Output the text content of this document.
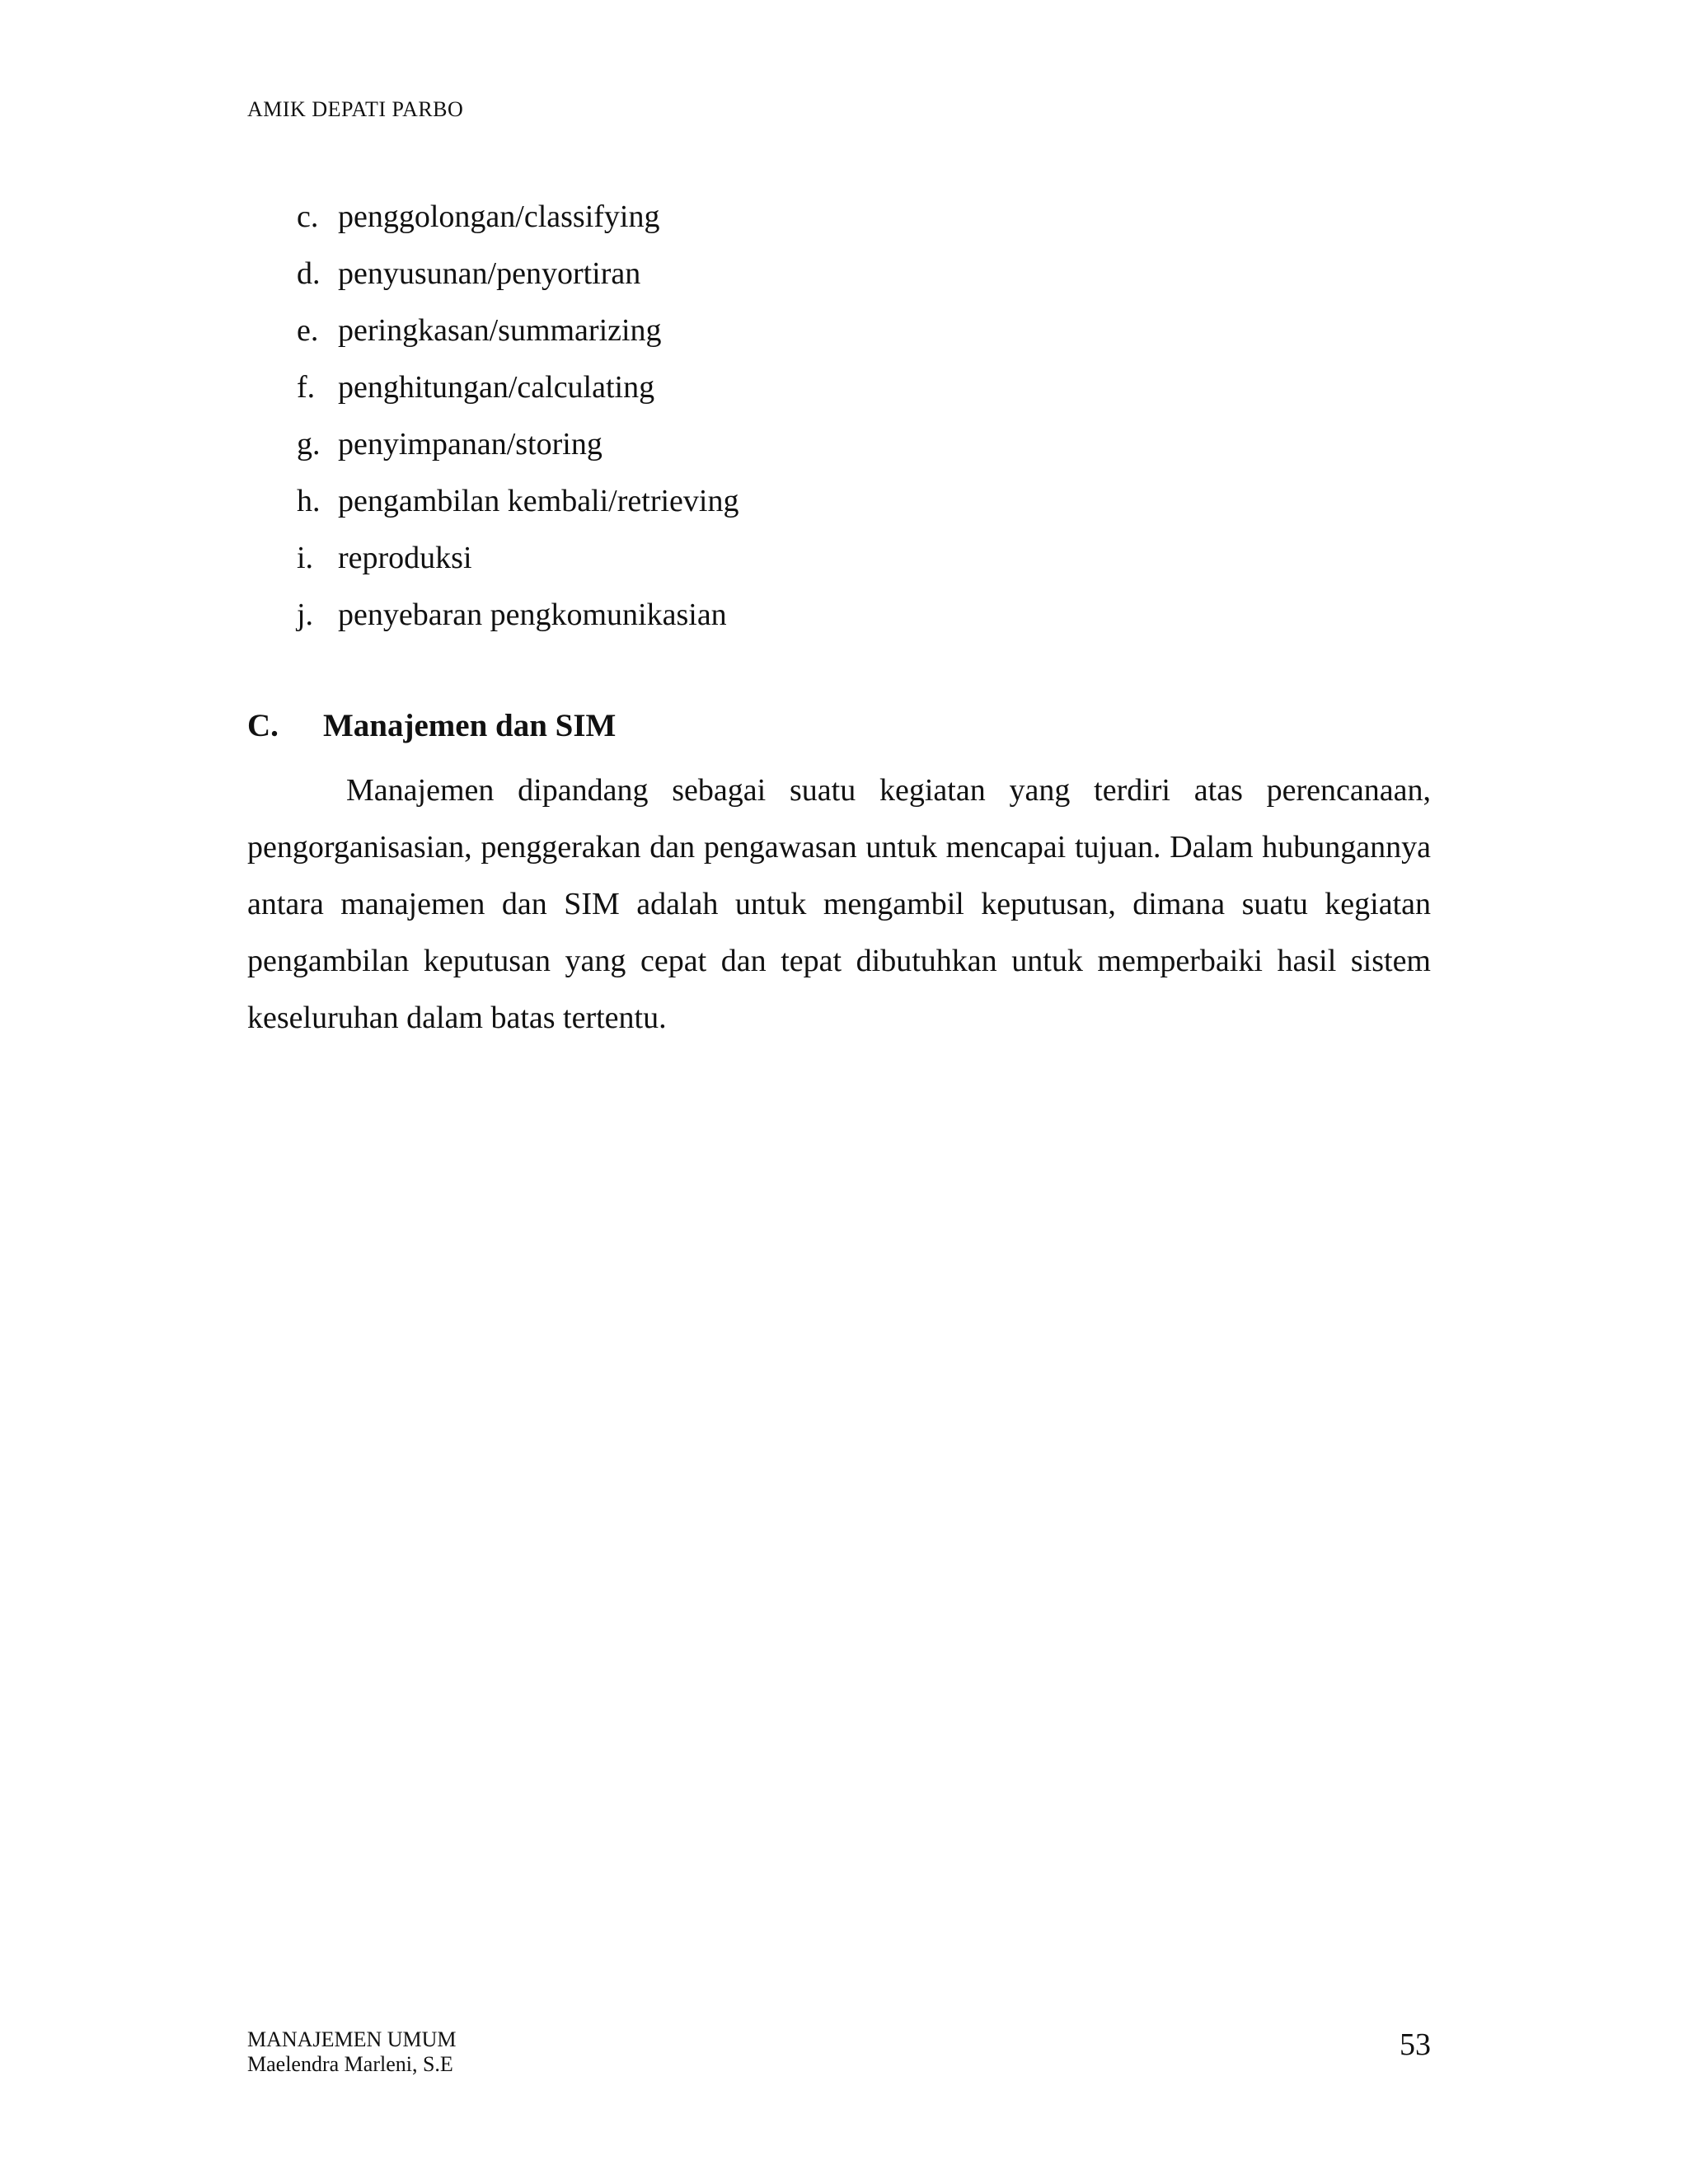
AMIK DEPATI PARBO
c. penggolongan/classifying
d. penyusunan/penyortiran
e. peringkasan/summarizing
f. penghitungan/calculating
g. penyimpanan/storing
h. pengambilan kembali/retrieving
i. reproduksi
j. penyebaran pengkomunikasian
C. Manajemen dan SIM

Manajemen dipandang sebagai suatu kegiatan yang terdiri atas perencanaan, pengorganisasian, penggerakan dan pengawasan untuk mencapai tujuan. Dalam hubungannya antara manajemen dan SIM adalah untuk mengambil keputusan, dimana suatu kegiatan pengambilan keputusan yang cepat dan tepat dibutuhkan untuk memperbaiki hasil sistem keseluruhan dalam batas tertentu.

MANAJEMEN UMUM
Maelendra Marleni, S.E
53
